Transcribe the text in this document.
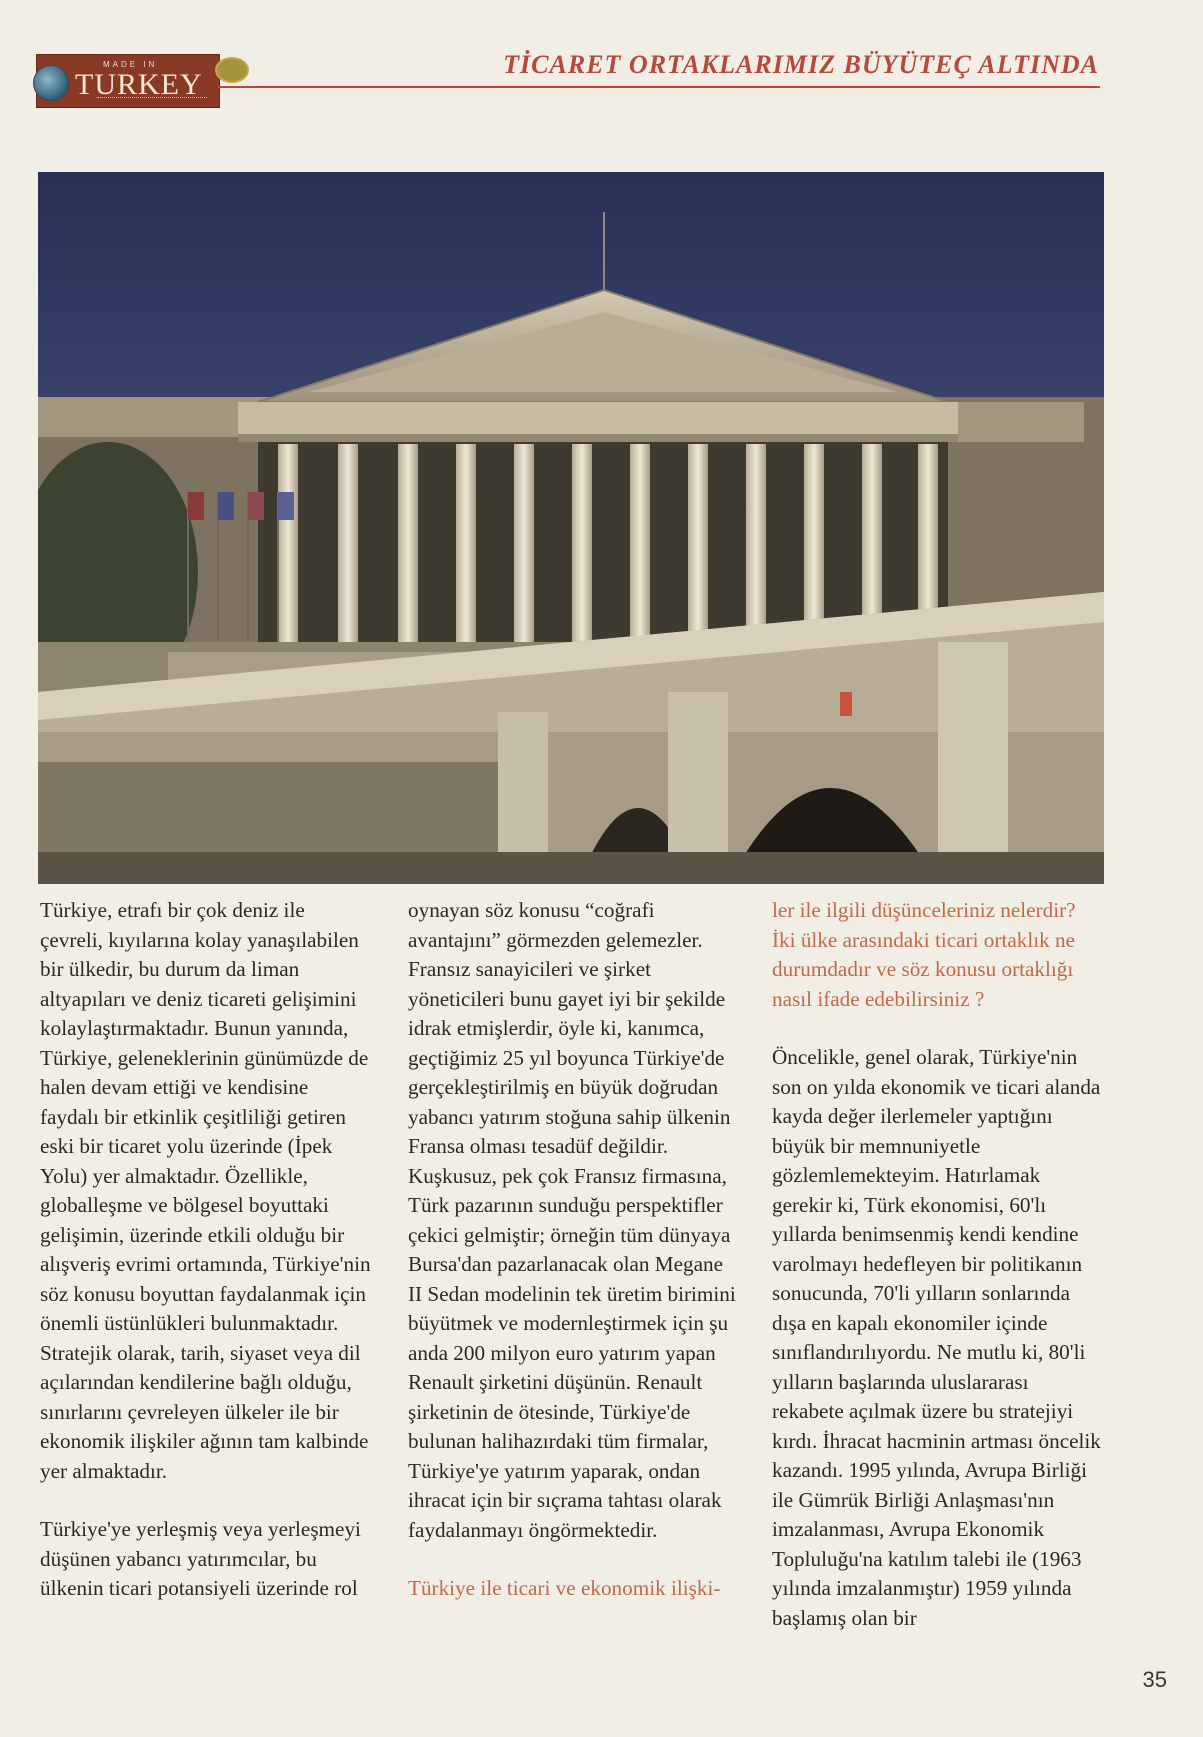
MADE IN
TURKEY
TİCARET ORTAKLARIMIZ BÜYÜTEÇ ALTINDA

Türkiye, etrafı bir çok deniz ile çevreli, kıyılarına kolay yanaşılabilen bir ülkedir, bu durum da liman altyapıları ve deniz ticareti gelişimini kolaylaştırmaktadır. Bunun yanında, Türkiye, geleneklerinin günümüzde de halen devam ettiği ve kendisine faydalı bir etkinlik çeşitliliği getiren eski bir ticaret yolu üzerinde (İpek Yolu) yer almaktadır. Özellikle, globalleşme ve bölgesel boyuttaki gelişimin, üzerinde etkili olduğu bir alışveriş evrimi ortamında, Türkiye'nin söz konusu boyuttan faydalanmak için önemli üstünlükleri bulunmaktadır. Stratejik olarak, tarih, siyaset veya dil açılarından kendilerine bağlı olduğu, sınırlarını çevreleyen ülkeler ile bir ekonomik ilişkiler ağının tam kalbinde yer almaktadır.

Türkiye'ye yerleşmiş veya yerleşmeyi düşünen yabancı yatırımcılar, bu ülkenin ticari potansiyeli üzerinde rol

oynayan söz konusu “coğrafi avantajını” görmezden gelemezler. Fransız sanayicileri ve şirket yöneticileri bunu gayet iyi bir şekilde idrak etmişlerdir, öyle ki, kanımca, geçtiğimiz 25 yıl boyunca Türkiye'de gerçekleştirilmiş en büyük doğrudan yabancı yatırım stoğuna sahip ülkenin Fransa olması tesadüf değildir. Kuşkusuz, pek çok Fransız firmasına, Türk pazarının sunduğu perspektifler çekici gelmiştir; örneğin tüm dünyaya Bursa'dan pazarlanacak olan Megane II Sedan modelinin tek üretim birimini büyütmek ve modernleştirmek için şu anda 200 milyon euro yatırım yapan Renault şirketini düşünün. Renault şirketinin de ötesinde, Türkiye'de bulunan halihazırdaki tüm firmalar, Türkiye'ye yatırım yaparak, ondan ihracat için bir sıçrama tahtası olarak faydalanmayı öngörmektedir.

Türkiye ile ticari ve ekonomik ilişki-

ler ile ilgili düşünceleriniz nelerdir? İki ülke arasındaki ticari ortaklık ne durumdadır ve söz konusu ortaklığı nasıl ifade edebilirsiniz ?

Öncelikle, genel olarak, Türkiye'nin son on yılda ekonomik ve ticari alanda kayda değer ilerlemeler yaptığını büyük bir memnuniyetle gözlemlemekteyim. Hatırlamak gerekir ki, Türk ekonomisi, 60'lı yıllarda benimsenmiş kendi kendine varolmayı hedefleyen bir politikanın sonucunda, 70'li yılların sonlarında dışa en kapalı ekonomiler içinde sınıflandırılıyordu. Ne mutlu ki, 80'li yılların başlarında uluslararası rekabete açılmak üzere bu stratejiyi kırdı. İhracat hacminin artması öncelik kazandı. 1995 yılında, Avrupa Birliği ile Gümrük Birliği Anlaşması'nın imzalanması, Avrupa Ekonomik Topluluğu'na katılım talebi ile (1963 yılında imzalanmıştır) 1959 yılında başlamış olan bir

35
